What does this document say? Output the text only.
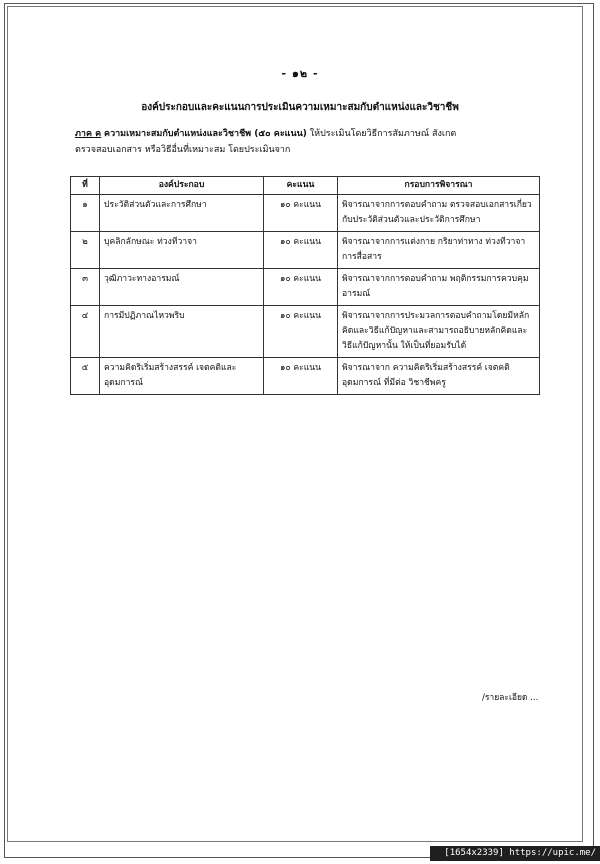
- ๑๒ -
องค์ประกอบและคะแนนการประเมินความเหมาะสมกับตำแหน่งและวิชาชีพ
ภาค ค ความเหมาะสมกับตำแหน่งและวิชาชีพ (๕๐ คะแนน) ให้ประเมินโดยวิธีการสัมภาษณ์ สังเกต
ตรวจสอบเอกสาร หรือวิธีอื่นที่เหมาะสม โดยประเมินจาก
ที่	องค์ประกอบ	คะแนน	กรอบการพิจารณา
๑	ประวัติส่วนตัวและการศึกษา	๑๐ คะแนน	พิจารณาจากการตอบคำถาม ตรวจสอบเอกสารเกี่ยวกับประวัติส่วนตัวและประวัติการศึกษา
๒	บุคลิกลักษณะ ท่วงทีวาจา	๑๐ คะแนน	พิจารณาจากการแต่งกาย กริยาท่าทาง ท่วงทีวาจาการสื่อสาร
๓	วุฒิภาวะทางอารมณ์	๑๐ คะแนน	พิจารณาจากการตอบคำถาม พฤติกรรมการควบคุมอารมณ์
๔	การมีปฏิภาณไหวพริบ	๑๐ คะแนน	พิจารณาจากการประมวลการตอบคำถามโดยมีหลักคิดและวิธีแก้ปัญหาและสามารถอธิบายหลักคิดและวิธีแก้ปัญหานั้น ให้เป็นที่ยอมรับได้
๕	ความคิดริเริ่มสร้างสรรค์ เจตคติและอุดมการณ์	๑๐ คะแนน	พิจารณาจาก ความคิดริเริ่มสร้างสรรค์ เจตคติ อุดมการณ์ ที่มีต่อ วิชาชีพครู
/รายละเอียด ...
[1654x2339] https://upic.me/
